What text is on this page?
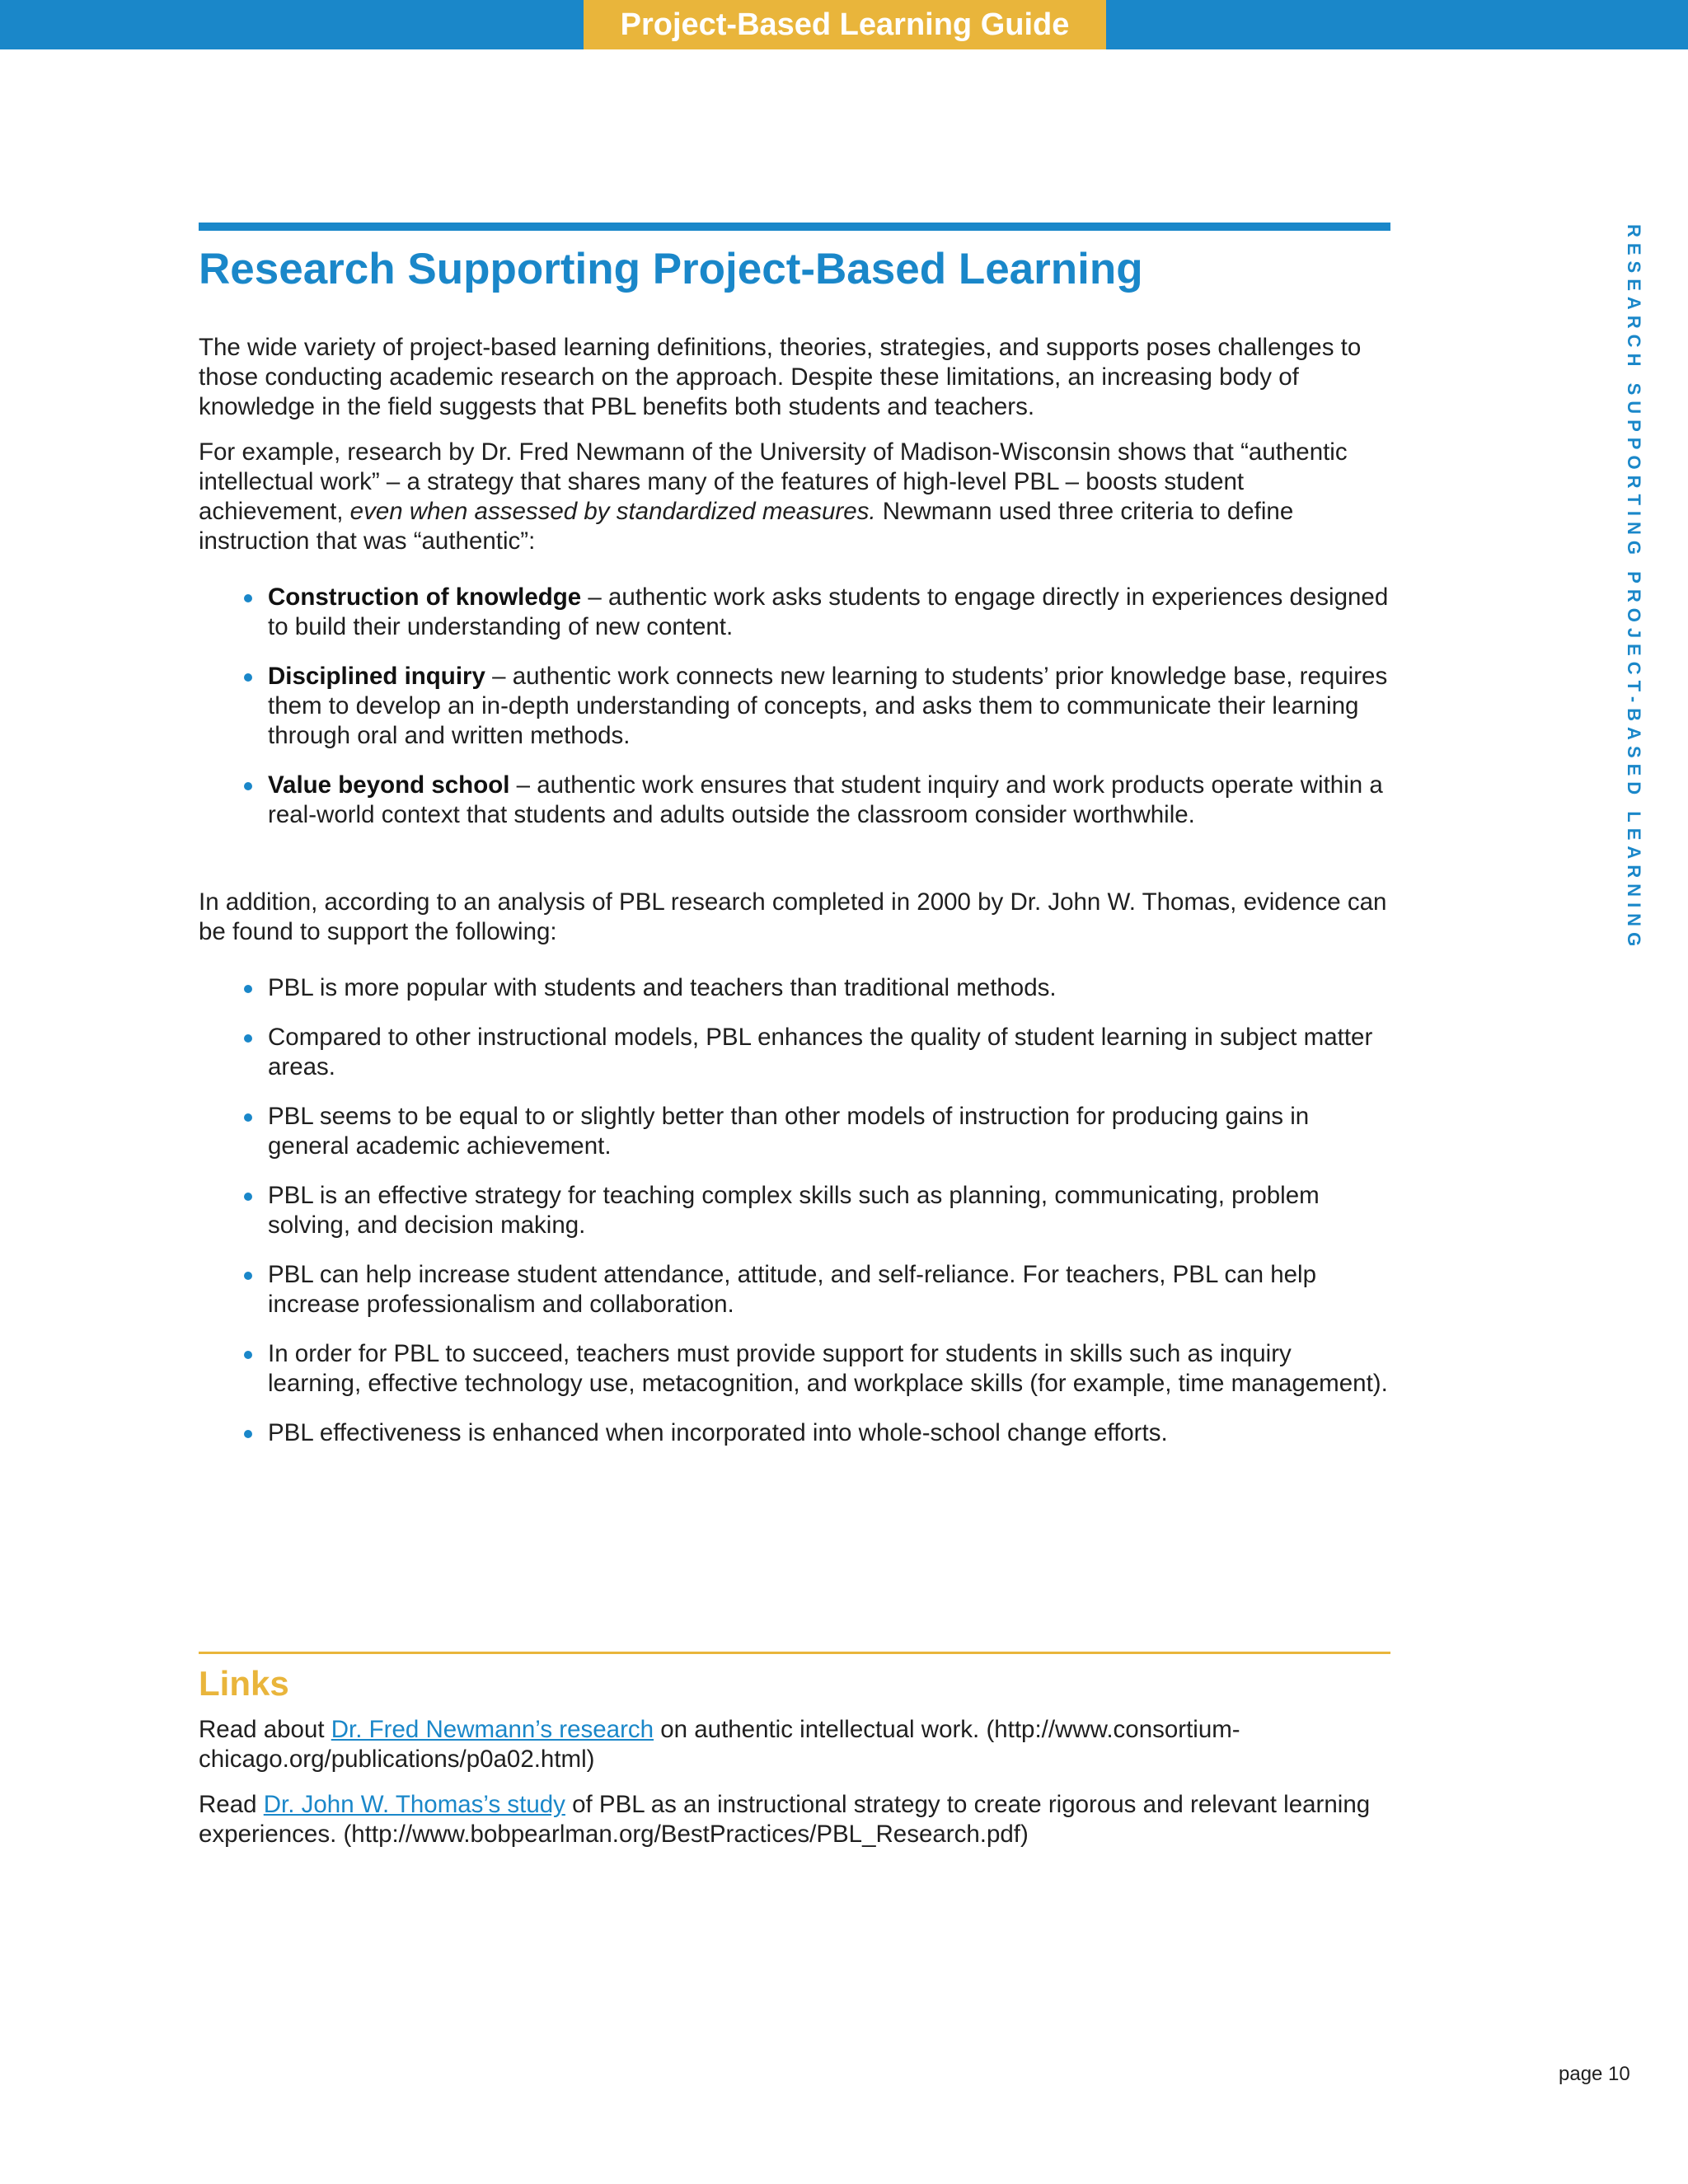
Project-Based Learning Guide
RESEARCH SUPPORTING PROJECT-BASED LEARNING
Research Supporting Project-Based Learning

The wide variety of project-based learning definitions, theories, strategies, and supports poses challenges to those conducting academic research on the approach. Despite these limitations, an increasing body of knowledge in the field suggests that PBL benefits both students and teachers.

For example, research by Dr. Fred Newmann of the University of Madison-Wisconsin shows that “authentic intellectual work” – a strategy that shares many of the features of high-level PBL – boosts student achievement, even when assessed by standardized measures. Newmann used three criteria to define instruction that was “authentic”:

Construction of knowledge – authentic work asks students to engage directly in experiences designed to build their understanding of new content.
Disciplined inquiry – authentic work connects new learning to students’ prior knowledge base, requires them to develop an in-depth understanding of concepts, and asks them to communicate their learning through oral and written methods.
Value beyond school – authentic work ensures that student inquiry and work products operate within a real-world context that students and adults outside the classroom consider worthwhile.

In addition, according to an analysis of PBL research completed in 2000 by Dr. John W. Thomas, evidence can be found to support the following:

PBL is more popular with students and teachers than traditional methods.
Compared to other instructional models, PBL enhances the quality of student learning in subject matter areas.
PBL seems to be equal to or slightly better than other models of instruction for producing gains in general academic achievement.
PBL is an effective strategy for teaching complex skills such as planning, communicating, problem solving, and decision making.
PBL can help increase student attendance, attitude, and self-reliance. For teachers, PBL can help increase professionalism and collaboration.
In order for PBL to succeed, teachers must provide support for students in skills such as inquiry learning, effective technology use, metacognition, and workplace skills (for example, time management).
PBL effectiveness is enhanced when incorporated into whole-school change efforts.
Links

Read about Dr. Fred Newmann’s research on authentic intellectual work. (http://www.consortium-chicago.org/publications/p0a02.html)

Read Dr. John W. Thomas’s study of PBL as an instructional strategy to create rigorous and relevant learning experiences. (http://www.bobpearlman.org/BestPractices/PBL_Research.pdf)

page 10
